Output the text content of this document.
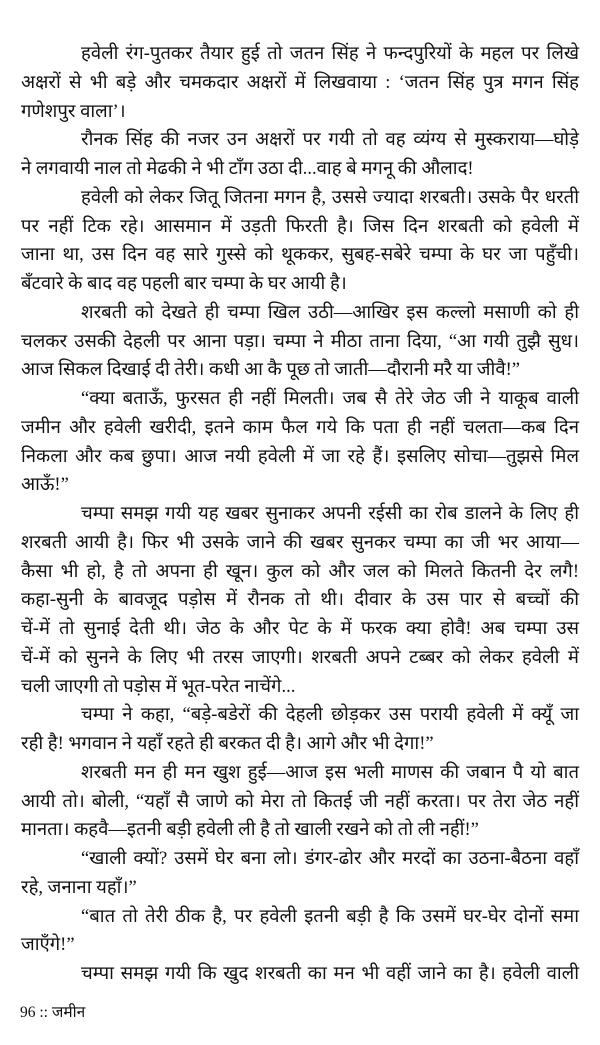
हवेली रंग-पुतकर तैयार हुई तो जतन सिंह ने फन्दपुरियों के महल पर लिखे
अक्षरों से भी बड़े और चमकदार अक्षरों में लिखवाया : ‘जतन सिंह पुत्र मगन सिंह
गणेशपुर वाला’।
रौनक सिंह की नजर उन अक्षरों पर गयी तो वह व्यंग्य से मुस्कराया—घोड़े
ने लगवायी नाल तो मेढकी ने भी टाँग उठा दी...वाह बे मगनू की औलाद!
हवेली को लेकर जितू जितना मगन है, उससे ज्यादा शरबती। उसके पैर धरती
पर नहीं टिक रहे। आसमान में उड़ती फिरती है। जिस दिन शरबती को हवेली में
जाना था, उस दिन वह सारे गुस्से को थूककर, सुबह-सबेरे चम्पा के घर जा पहुँची।
बँटवारे के बाद वह पहली बार चम्पा के घर आयी है।
शरबती को देखते ही चम्पा खिल उठी—आखिर इस कल्लो मसाणी को ही
चलकर उसकी देहली पर आना पड़ा। चम्पा ने मीठा ताना दिया, “आ गयी तुझै सुध।
आज सिकल दिखाई दी तेरी। कधी आ कै पूछ तो जाती—दौरानी मरै या जीवै!”
“क्या बताऊँ, फुरसत ही नहीं मिलती। जब सै तेरे जेठ जी ने याकूब वाली
जमीन और हवेली खरीदी, इतने काम फैल गये कि पता ही नहीं चलता—कब दिन
निकला और कब छुपा। आज नयी हवेली में जा रहे हैं। इसलिए सोचा—तुझसे मिल
आऊँ!”
चम्पा समझ गयी यह खबर सुनाकर अपनी रईसी का रोब डालने के लिए ही
शरबती आयी है। फिर भी उसके जाने की खबर सुनकर चम्पा का जी भर आया—
कैसा भी हो, है तो अपना ही खून। कुल को और जल को मिलते कितनी देर लगै!
कहा-सुनी के बावजूद पड़ोस में रौनक तो थी। दीवार के उस पार से बच्चों की
चें-में तो सुनाई देती थी। जेठ के और पेट के में फरक क्या होवै! अब चम्पा उस
चें-में को सुनने के लिए भी तरस जाएगी। शरबती अपने टब्बर को लेकर हवेली में
चली जाएगी तो पड़ोस में भूत-परेत नाचेंगे...
चम्पा ने कहा, “बड़े-बडेरों की देहली छोड़कर उस परायी हवेली में क्यूँ जा
रही है! भगवान ने यहाँ रहते ही बरकत दी है। आगे और भी देगा!”
शरबती मन ही मन खुश हुई—आज इस भली माणस की जबान पै यो बात
आयी तो। बोली, “यहाँ सै जाणे को मेरा तो कितई जी नहीं करता। पर तेरा जेठ नहीं
मानता। कहवै—इतनी बड़ी हवेली ली है तो खाली रखने को तो ली नहीं!”
“खाली क्यों? उसमें घेर बना लो। डंगर-ढोर और मरदों का उठना-बैठना वहाँ
रहे, जनाना यहाँ।”
“बात तो तेरी ठीक है, पर हवेली इतनी बड़ी है कि उसमें घर-घेर दोनों समा
जाएँगे!”
चम्पा समझ गयी कि खुद शरबती का मन भी वहीं जाने का है। हवेली वाली
96 :: जमीन
